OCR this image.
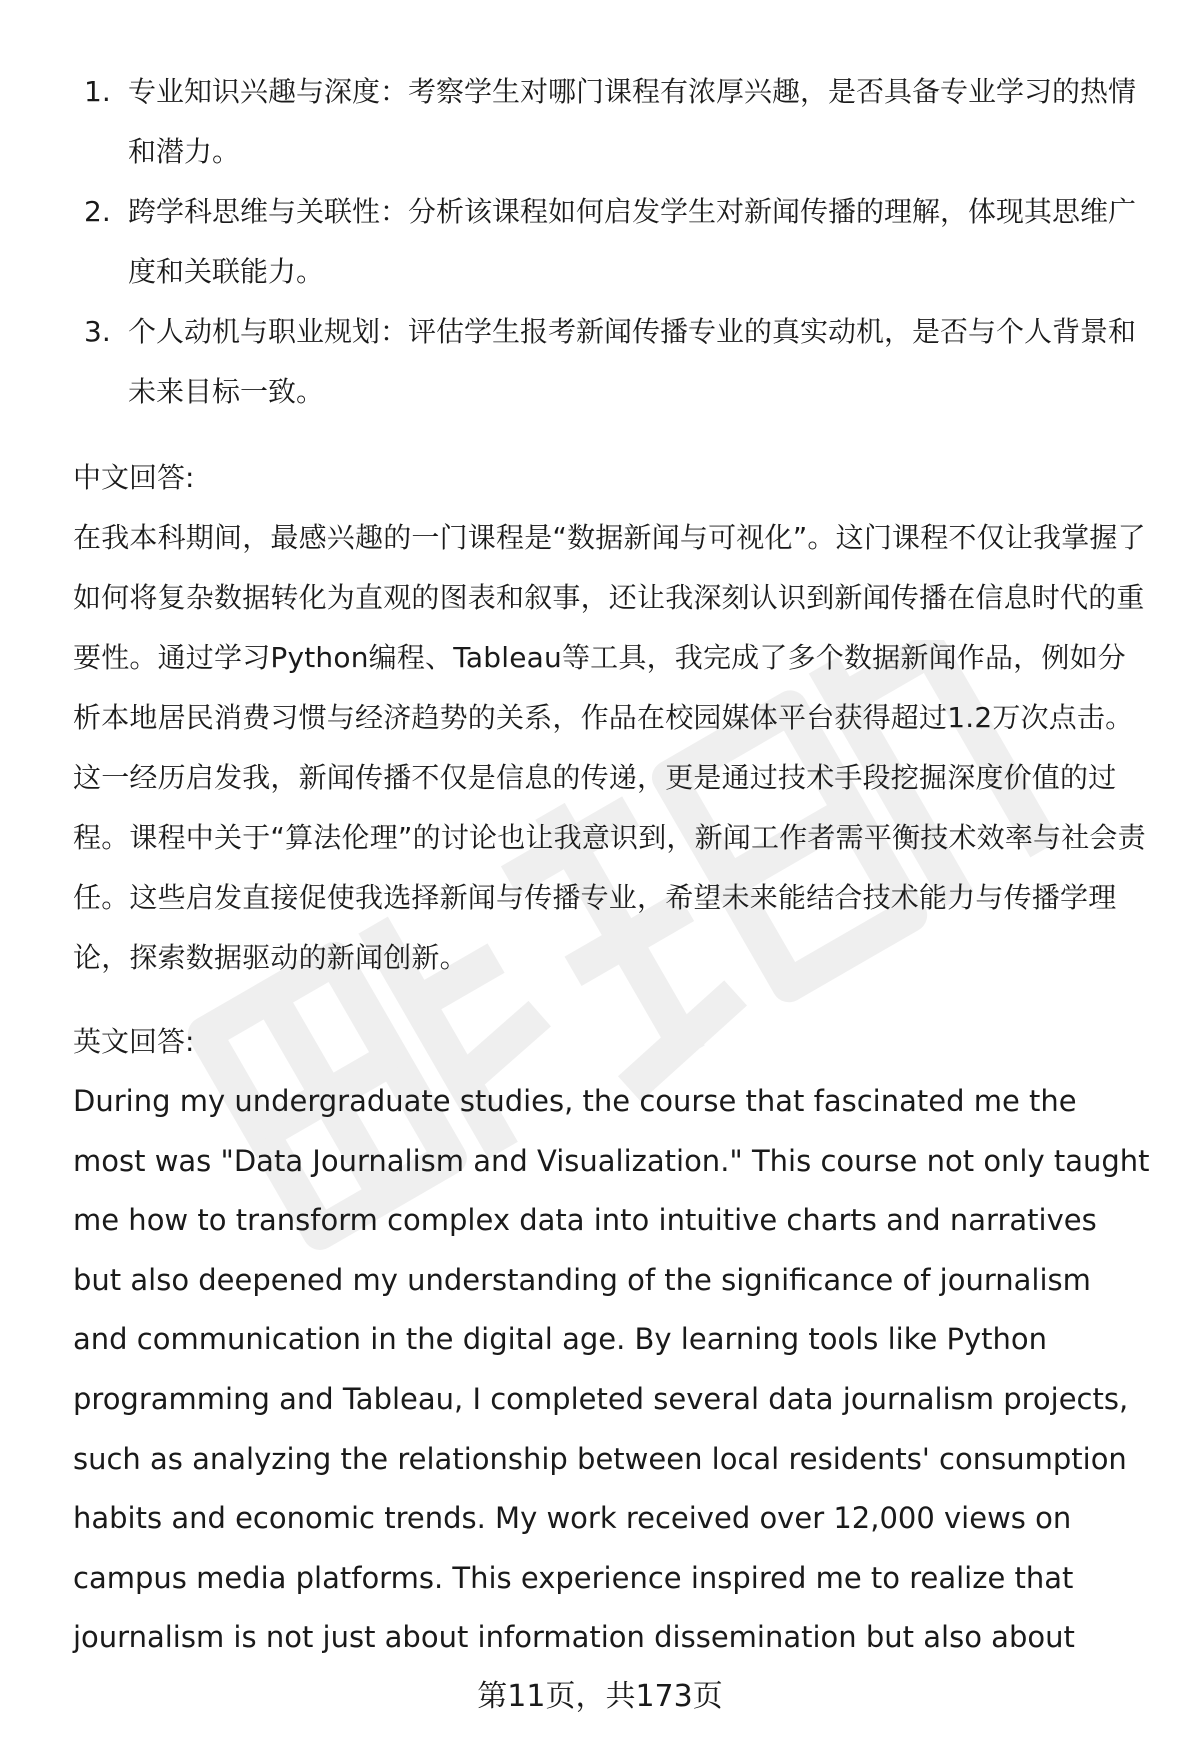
1. 专业知识兴趣与深度：考察学生对哪门课程有浓厚兴趣，是否具备专业学习的热情和潜力。
2. 跨学科思维与关联性：分析该课程如何启发学生对新闻传播的理解，体现其思维广度和关联能力。
3. 个人动机与职业规划：评估学生报考新闻传播专业的真实动机，是否与个人背景和未来目标一致。
中文回答:

在我本科期间，最感兴趣的一门课程是“数据新闻与可视化”。这门课程不仅让我掌握了如何将复杂数据转化为直观的图表和叙事，还让我深刻认识到新闻传播在信息时代的重要性。通过学习Python编程、Tableau等工具，我完成了多个数据新闻作品，例如分析本地居民消费习惯与经济趋势的关系，作品在校园媒体平台获得超过1.2万次点击。这一经历启发我，新闻传播不仅是信息的传递，更是通过技术手段挖掘深度价值的过程。课程中关于“算法伦理”的讨论也让我意识到，新闻工作者需平衡技术效率与社会责任。这些启发直接促使我选择新闻与传播专业，希望未来能结合技术能力与传播学理论，探索数据驱动的新闻创新。

英文回答:

During my undergraduate studies, the course that fascinated me the most was "Data Journalism and Visualization." This course not only taught me how to transform complex data into intuitive charts and narratives but also deepened my understanding of the significance of journalism and communication in the digital age. By learning tools like Python programming and Tableau, I completed several data journalism projects, such as analyzing the relationship between local residents' consumption habits and economic trends. My work received over 12,000 views on campus media platforms. This experience inspired me to realize that journalism is not just about information dissemination but also about

第11页，共173页
